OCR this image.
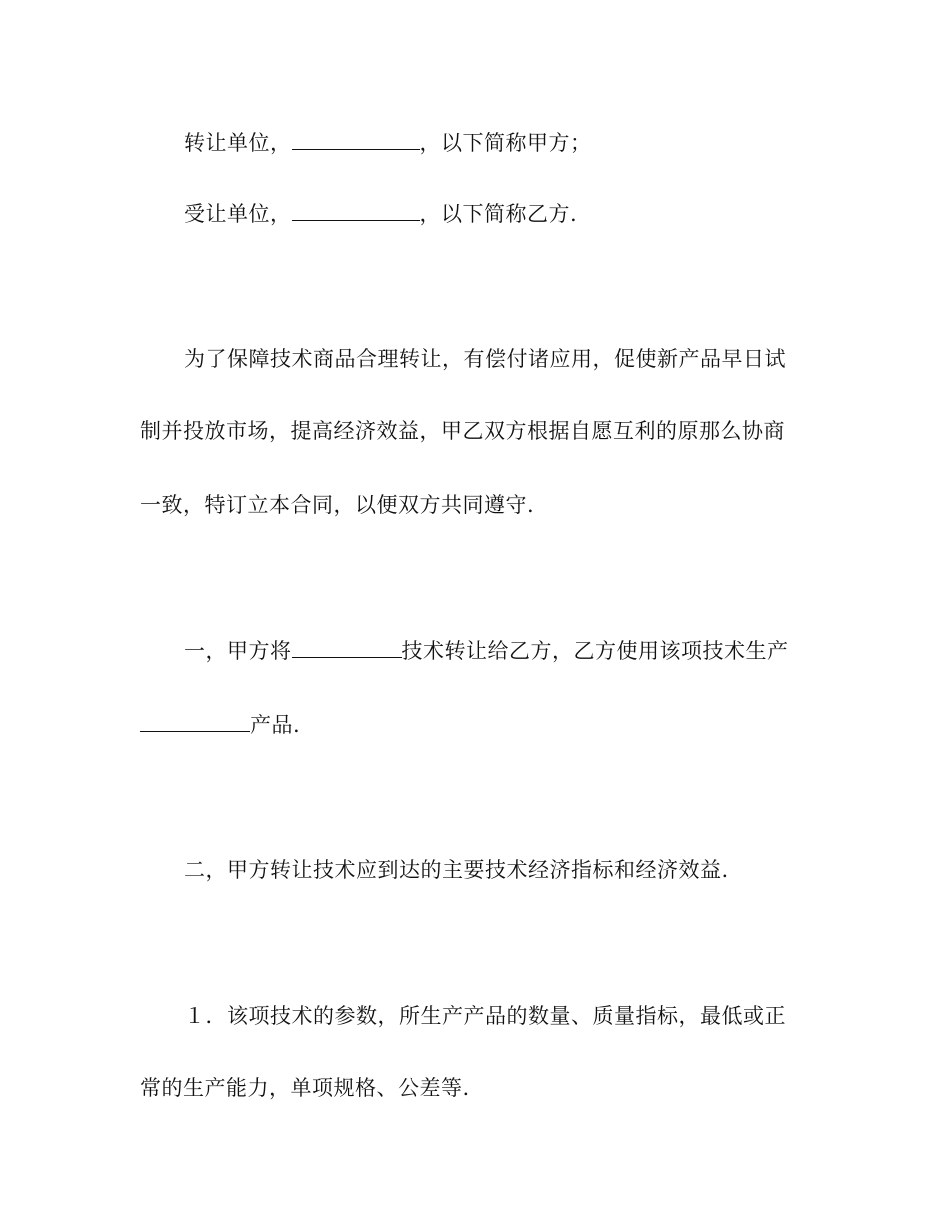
转让单位，	，以下简称甲方；
受让单位，	，以下简称乙方.
为了保障技术商品合理转让，有偿付诸应用，促使新产品早日试
制并投放市场，提高经济效益，甲乙双方根据自愿互利的原那么协商
一致，特订立本合同，以便双方共同遵守.
一，甲方将	技术转让给乙方，乙方使用该项技术生产
产品.
二，甲方转让技术应到达的主要技术经济指标和经济效益.
１．该项技术的参数，所生产产品的数量、质量指标，最低或正
常的生产能力，单项规格、公差等.
